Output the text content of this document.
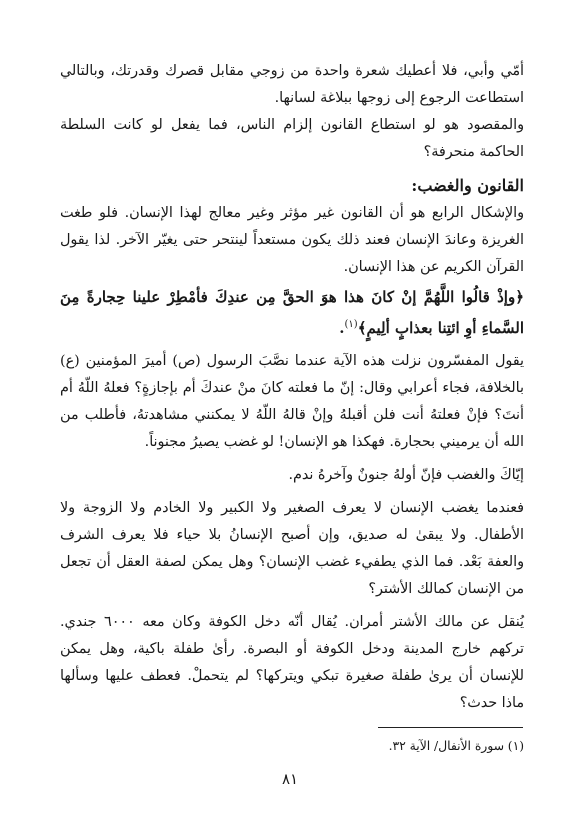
أمّي وأبي، فلا أعطيك شعرة واحدة من زوجي مقابل قصرك وقدرتك، وبالتالي استطاعت الرجوع إلى زوجها ببلاغة لسانها.

والمقصود هو لو استطاع القانون إلزام الناس، فما يفعل لو كانت السلطة الحاكمة منحرفة؟

القانون والغضب:

والإشكال الرابع هو أن القانون غير مؤثر وغير معالج لهذا الإنسان. فلو طغت الغريزة وعاندَ الإنسان فعند ذلك يكون مستعداً لينتحر حتى يغيّر الآخر. لذا يقول القرآن الكريم عن هذا الإنسان.

﴿وإذْ قالُوا اللَّهُمَّ إنْ كانَ هذا هوَ الحقَّ مِن عندِكَ فأمْطِرْ علينا حِجارةً مِنَ السَّماءِ أوِ ائتِنا بعذابٍ ألِيمٍ﴾$^{(١)}$.

يقول المفسّرون نزلت هذه الآية عندما نصَّبَ الرسول (ص) أميرَ المؤمنين (ع) بالخلافة، فجاء أعرابي وقال: إنّ ما فعلته كانَ منْ عندكَ أم بإجازةٍ؟ فعلهُ اللّهُ أم أنتَ؟ فإنْ فعلتهُ أنت فلن أقبلهُ وإنْ قالهُ اللّهُ لا يمكنني مشاهدتهُ، فأطلب من الله أن يرميني بحجارة. فهكذا هو الإنسان! لو غضب يصيرُ مجنوناً.

إيّاكَ والغضب فإنّ أولهُ جنونٌ وآخرهُ ندم.

فعندما يغضب الإنسان لا يعرف الصغير ولا الكبير ولا الخادم ولا الزوجة ولا الأطفال. ولا يبقىٰ له صديق، وإن أصبح الإنسانُ بلا حياء فلا يعرف الشرف والعفة بَعْد. فما الذي يطفيء غضب الإنسان؟ وهل يمكن لصفة العقل أن تجعل من الإنسان كمالك الأشتر؟

يُنقل عن مالك الأشتر أمران. يُقال أنّه دخل الكوفة وكان معه ٦٠٠٠ جندي. تركهم خارج المدينة ودخل الكوفة أو البصرة. رأىٰ طفلة باكية، وهل يمكن للإنسان أن يرىٰ طفلة صغيرة تبكي ويتركها؟ لم يتحملْ. فعطف عليها وسألها ماذا حدث؟

(١) سورة الأنفال/ الآية ٣٢.

٨١
